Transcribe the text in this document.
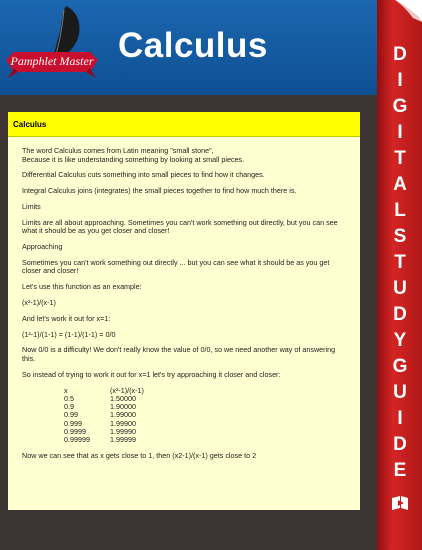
Pamphlet Master Calculus
Calculus

The word Calculus comes from Latin meaning "small stone",
Because it is like understanding something by looking at small pieces.

Differential Calculus cuts something into small pieces to find how it changes.

Integral Calculus joins (integrates) the small pieces together to find how much there is.

Limits

Limits are all about approaching. Sometimes you can't work something out directly, but you can see what it should be as you get closer and closer!

Approaching

Sometimes you can't work something out directly ... but you can see what it should be as you get closer and closer!

Let's use this function as an example:

(x²-1)/(x-1)

And let's work it out for x=1:

(1²-1)/(1-1) = (1-1)/(1-1) = 0/0

Now 0/0 is a difficulty! We don't really know the value of 0/0, so we need another way of answering this.

So instead of trying to work it out for x=1 let's try approaching it closer and closer:

x	(x²-1)/(x-1)
0.5	1.50000
0.9	1.90000
0.99	1.99000
0.999	1.99900
0.9999	1.99990
0.99999	1.99999

Now we can see that as x gets close to 1, then (x2-1)/(x-1) gets close to 2

D
I
G
I
T
A
L
S
T
U
D
Y
G
U
I
D
E
